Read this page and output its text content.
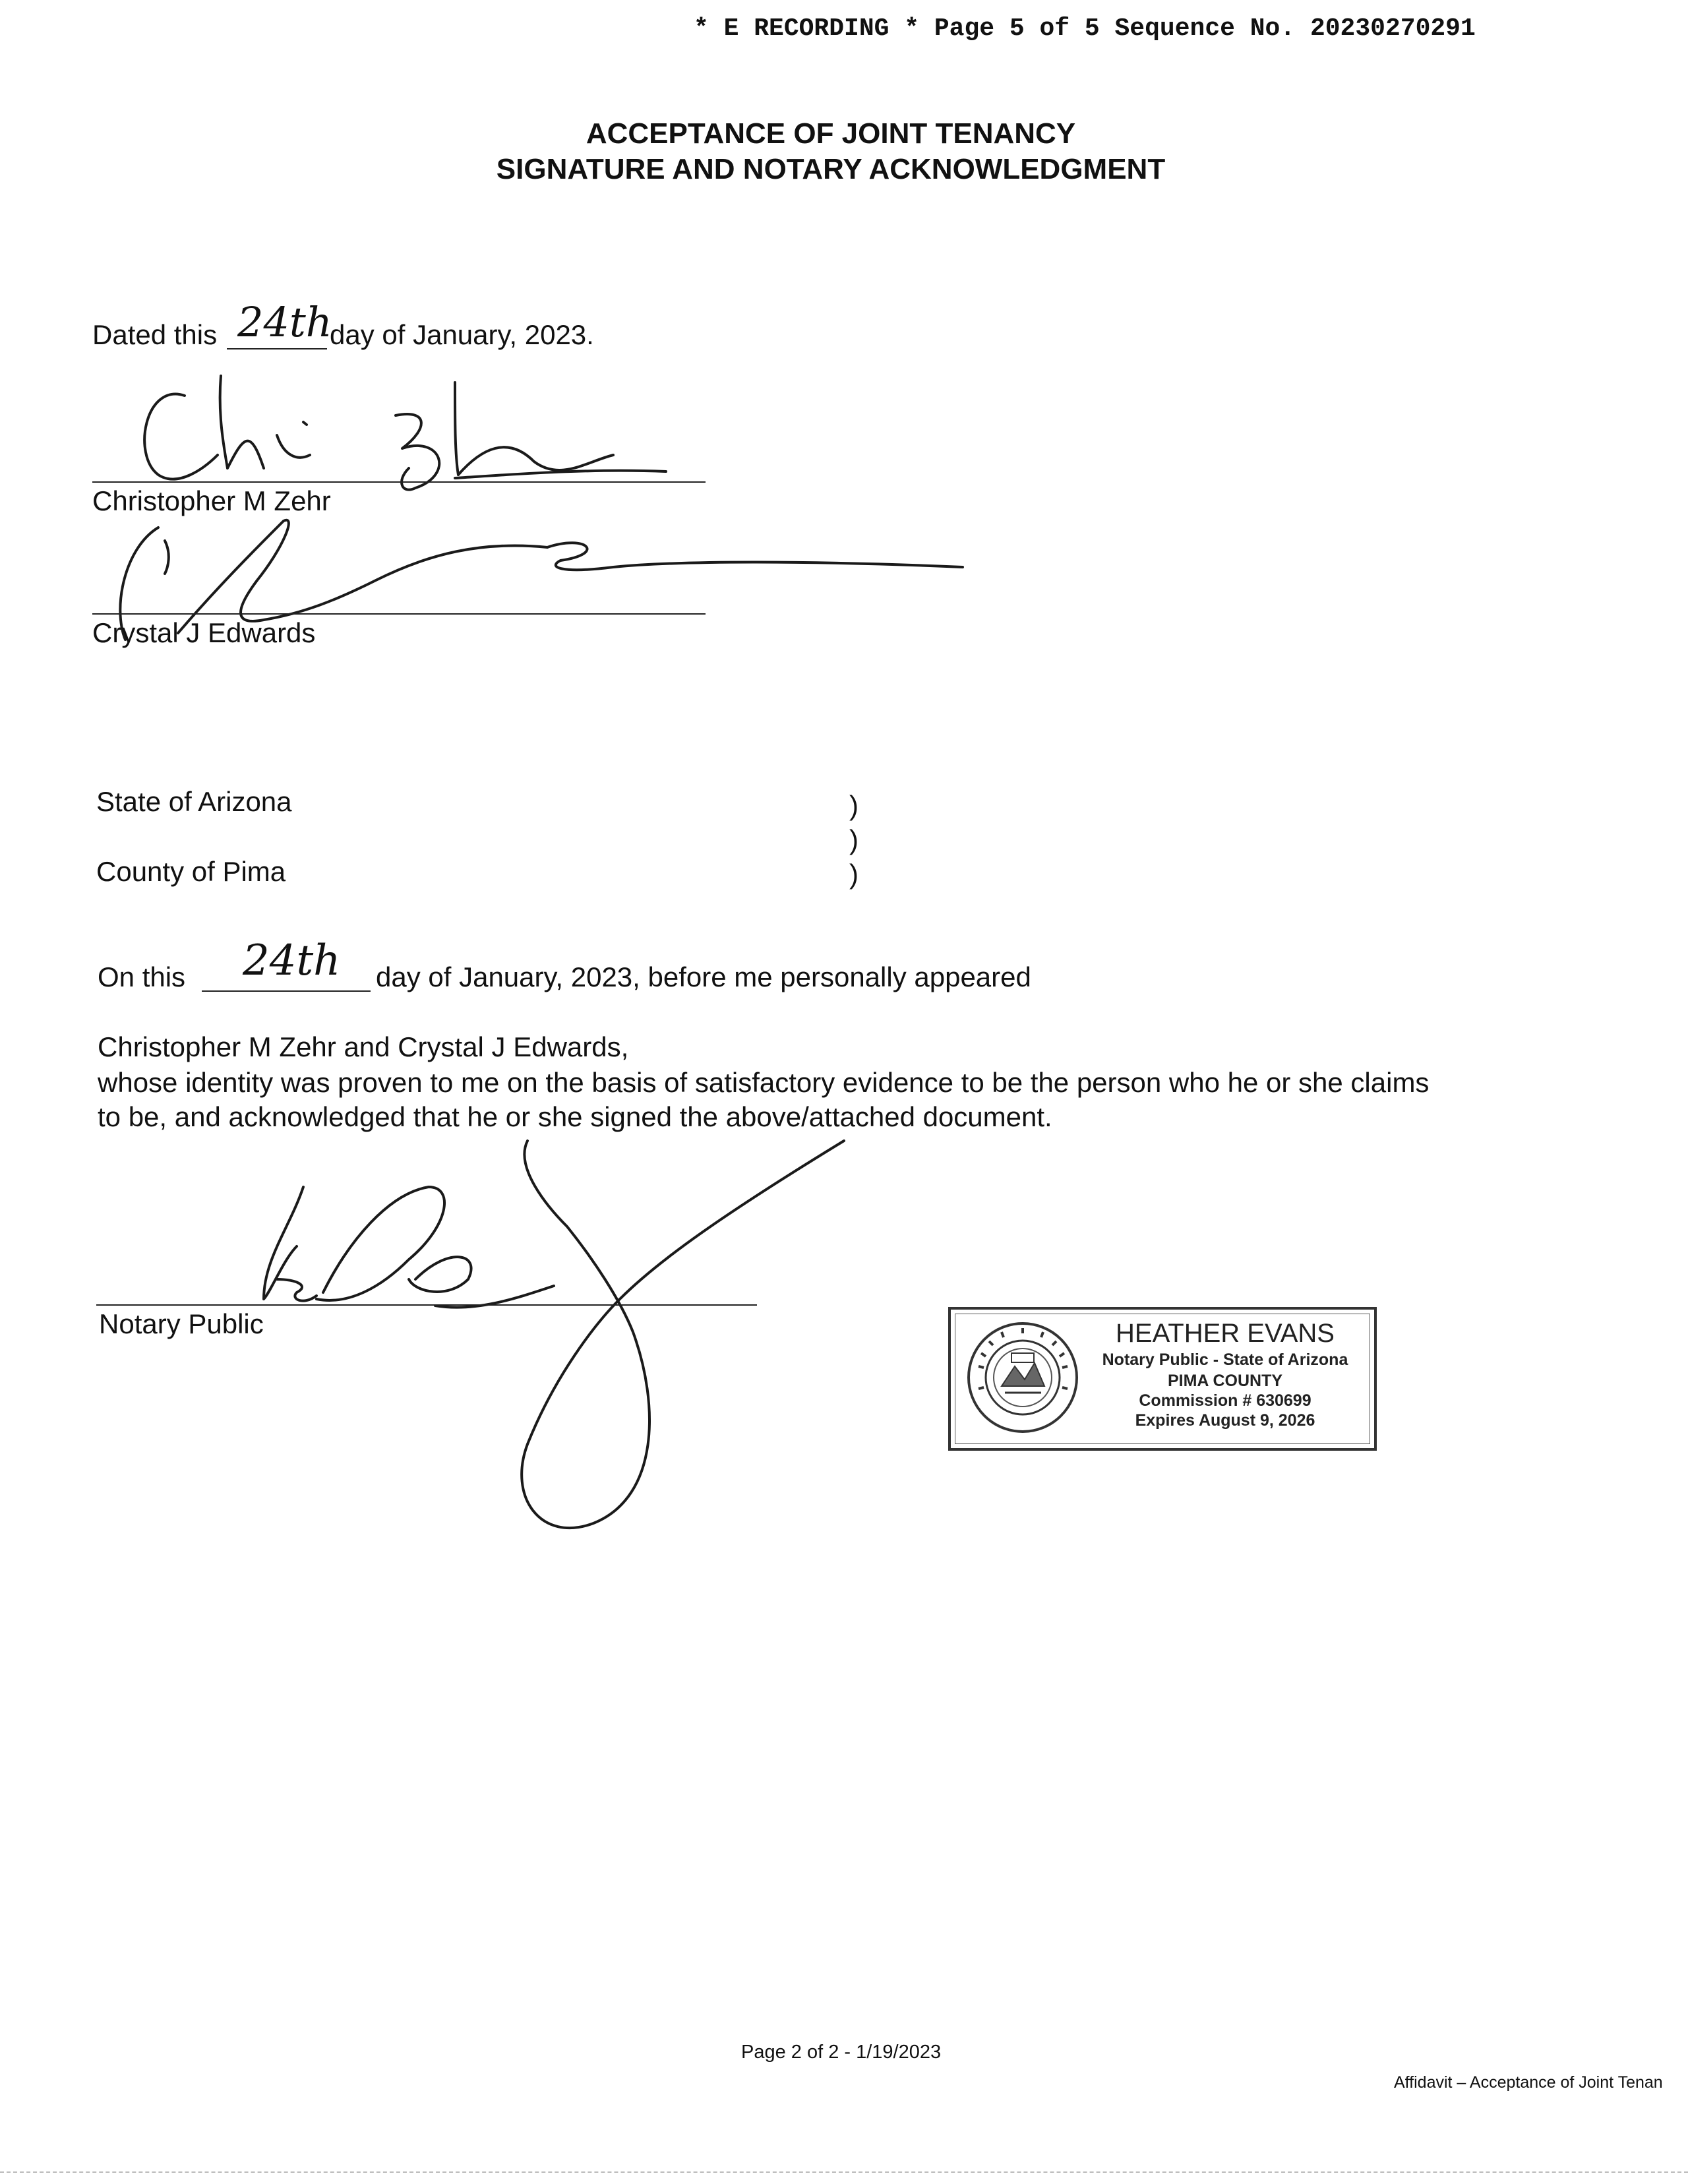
* E RECORDING * Page 5 of 5 Sequence No. 20230270291
ACCEPTANCE OF JOINT TENANCY
SIGNATURE AND NOTARY ACKNOWLEDGMENT
Dated this 24th
day of January, 2023.
Christopher M Zehr
Crystal J Edwards
State of Arizona
County of Pima
)
)
)
On this 24th day of January, 2023, before me personally appeared
Christopher M Zehr and Crystal J Edwards,
whose identity was proven to me on the basis of satisfactory evidence to be the person who he or she claims
to be, and acknowledged that he or she signed the above/attached document.
Notary Public	HEATHER EVANS
Notary Public - State of Arizona
PIMA COUNTY
Commission # 630699
Expires August 9, 2026
Page 2 of 2 - 1/19/2023
Affidavit – Acceptance of Joint Tenan
